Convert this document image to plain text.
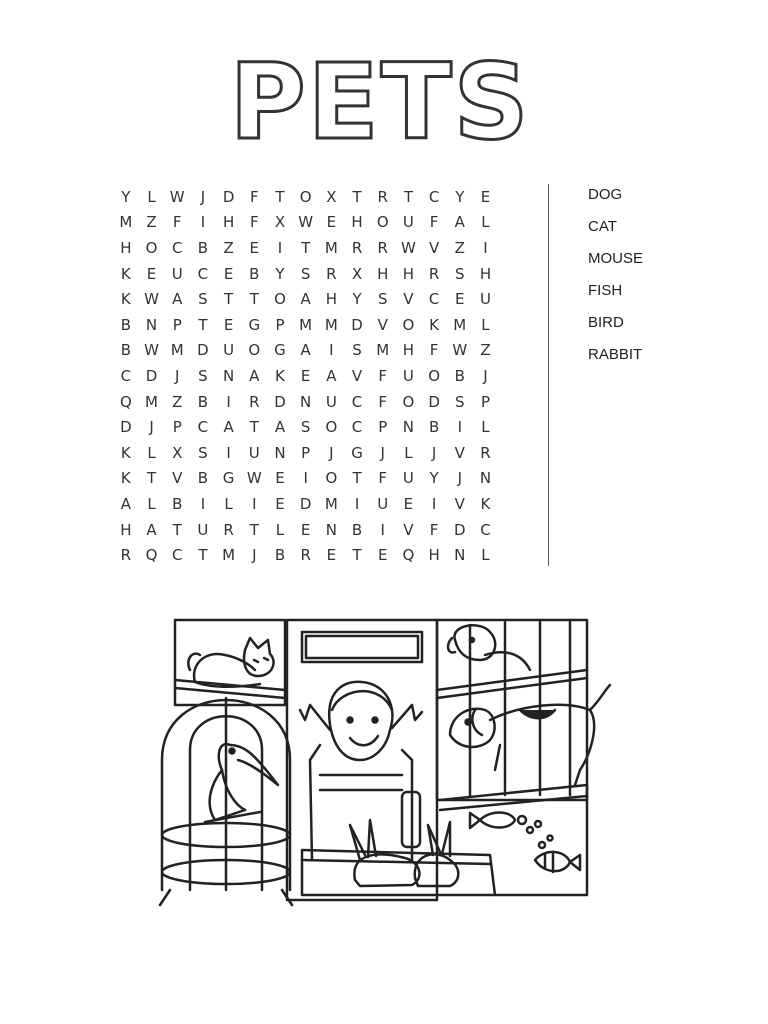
PETS
Y	L W	J	D	F	T	O X	T	R	T	C	Y	E
M Z	F	I	H	F	X W E	H O U	F	A	L
H O C	B	Z	E	I	T M R	R W V	Z	I
K	E	U C	E	B	Y	S	R	X H H R	S	H
K W A	S	T	T	O A H	Y	S	V	C	E	U
B N	P	T	E	G	P M M D V O K M	L
B W M D U O G A	I	S M H	F W Z
C D	J	S	N A	K	E	A	V	F	U O B	J
Q M Z	B	I	R D N U C	F	O D	S	P
D	J	P	C	A	T	A	S	O C	P	N B	I	L
K	L	X	S	I	U N	P	J	G	J	L	J	V	R
K	T	V	B G W E	I	O	T	F	U	Y	J	N
A	L	B	I	L	I	E	D M	I	U	E	I	V	K
H A	T	U R	T	L	E	N B	I	V	F	D C
R Q C	T M	J	B	R	E	T	E	Q H N	L
DOG
CAT
MOUSE
FISH
BIRD
RABBIT
